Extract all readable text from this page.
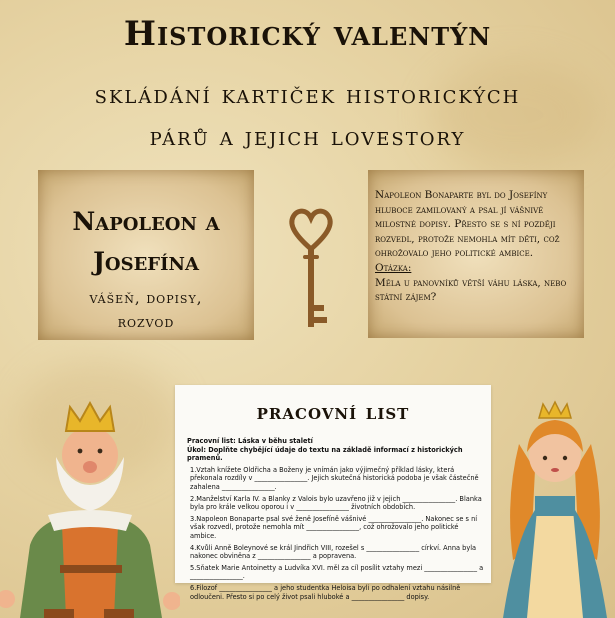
Historický valentýn
skládání kartiček historických
párů a jejich lovestory
Napoleon a
Josefína
vášeň, dopisy,
rozvod
Napoleon Bonaparte byl do Josefíny hluboce zamilovaný a psal jí vášnivé milostné dopisy. Přesto se s ní později rozvedl, protože nemohla mít děti, což ohrožovalo jeho politické ambice.
Otázka:
Měla u panovníků větší váhu láska, nebo státní zájem?
pracovní list
Pracovní list: Láska v běhu staletí
Úkol: Doplňte chybějící údaje do textu na základě informací z historických pramenů.
1.Vztah knížete Oldřicha a Boženy je vnímán jako výjimečný příklad lásky, která překonala rozdíly v ________________. Jejich skutečná historická podoba je však částečně zahalena ________________.
2.Manželství Karla IV. a Blanky z Valois bylo uzavřeno již v jejich ________________. Blanka byla pro krále velkou oporou i v ________________ životních obdobích.
3.Napoleon Bonaparte psal své ženě Josefíně vášnivé ________________. Nakonec se s ní však rozvedl, protože nemohla mít ________________, což ohrožovalo jeho politické ambice.
4.Kvůli Anně Boleynové se král Jindřich VIII, rozešel s ________________ církví. Anna byla nakonec obviněna z ________________ a popravena.
5.Sňatek Marie Antoinetty a Ludvíka XVI. měl za cíl posílit vztahy mezi ________________ a ________________.
6.Filozof ________________ a jeho studentka Heloisa byli po odhalení vztahu násilně odloučeni. Přesto si po celý život psali hluboké a ________________ dopisy.
